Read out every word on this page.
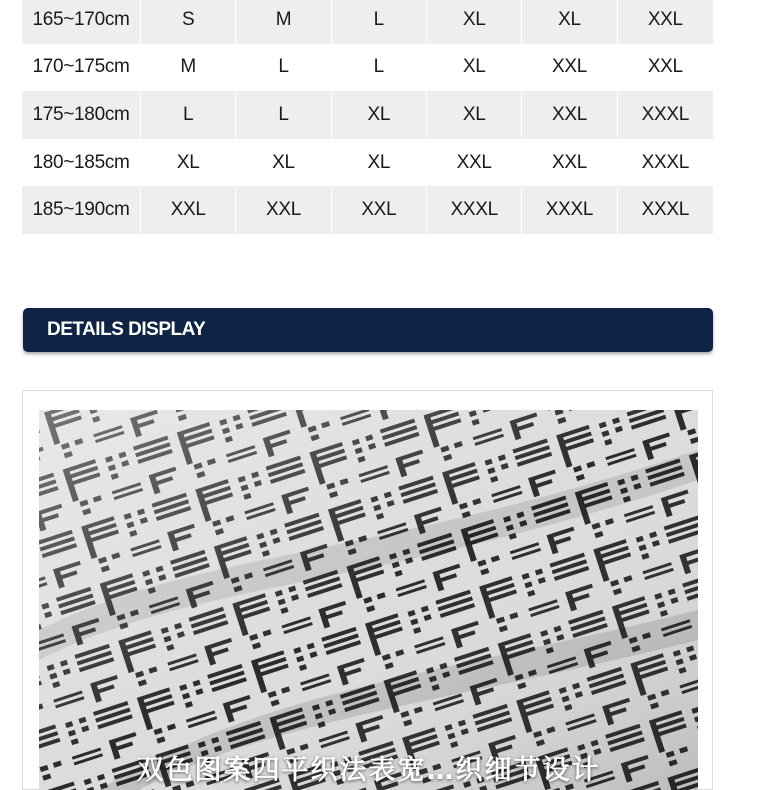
165~170cm	S	M	L	XL	XL	XXL
170~175cm	M	L	L	XL	XXL	XXL
175~180cm	L	L	XL	XL	XXL	XXXL
180~185cm	XL	XL	XL	XXL	XXL	XXXL
185~190cm	XXL	XXL	XXL	XXXL	XXXL	XXXL
DETAILS DISPLAY
双色图案四平织法表宽…织细节设计
